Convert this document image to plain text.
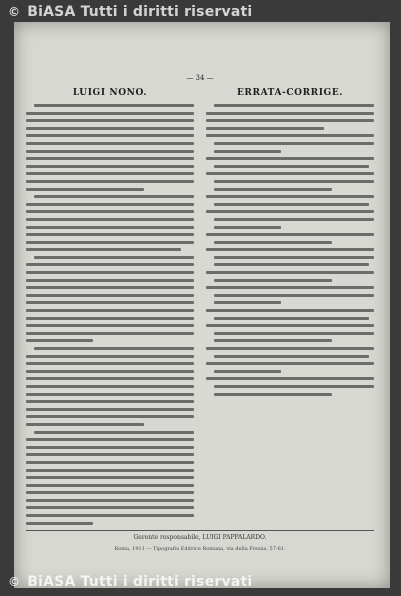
© BiASA Tutti i diritti riservati
— 34 —
LUIGI NONO.	ERRATA-CORRIGE.
Gerente responsabile, LUIGI PAPPALARDO.
Roma, 1911 — Tipografia Editrice Romana, via della Frezza, 57-61.
© BiASA Tutti i diritti riservati
